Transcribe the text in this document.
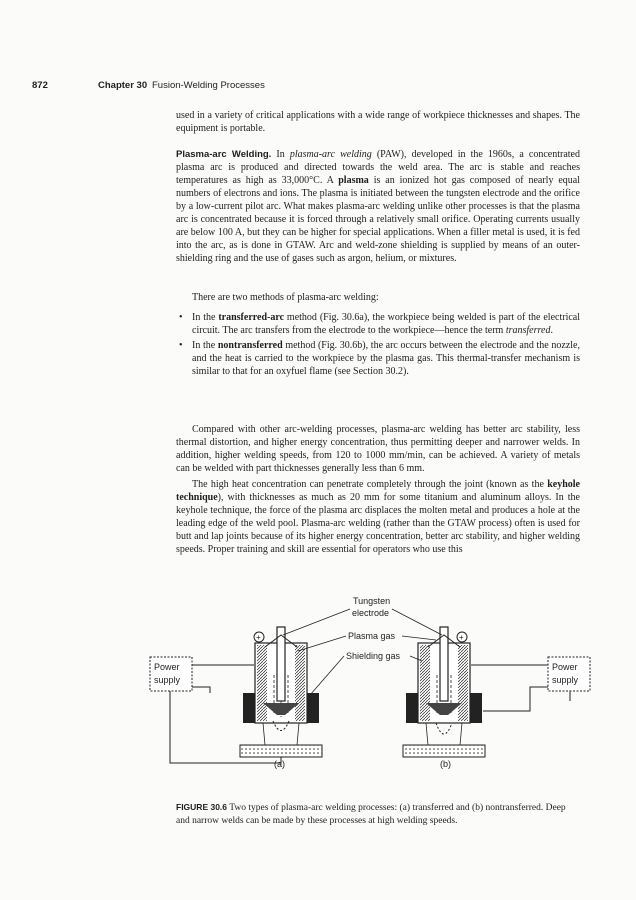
872	Chapter 30 Fusion-Welding Processes

used in a variety of critical applications with a wide range of workpiece thicknesses and shapes. The equipment is portable.

Plasma-arc Welding. In plasma-arc welding (PAW), developed in the 1960s, a concentrated plasma arc is produced and directed towards the weld area. The arc is stable and reaches temperatures as high as 33,000°C. A plasma is an ionized hot gas composed of nearly equal numbers of electrons and ions. The plasma is initiated between the tungsten electrode and the orifice by a low-current pilot arc. What makes plasma-arc welding unlike other processes is that the plasma arc is concentrated because it is forced through a relatively small orifice. Operating currents usually are below 100 A, but they can be higher for special applications. When a filler metal is used, it is fed into the arc, as is done in GTAW. Arc and weld-zone shielding is supplied by means of an outer-shielding ring and the use of gases such as argon, helium, or mixtures.

There are two methods of plasma-arc welding:

• In the transferred-arc method (Fig. 30.6a), the workpiece being welded is part of the electrical circuit. The arc transfers from the electrode to the workpiece—hence the term transferred.
• In the nontransferred method (Fig. 30.6b), the arc occurs between the electrode and the nozzle, and the heat is carried to the workpiece by the plasma gas. This thermal-transfer mechanism is similar to that for an oxyfuel flame (see Section 30.2).

Compared with other arc-welding processes, plasma-arc welding has better arc stability, less thermal distortion, and higher energy concentration, thus permitting deeper and narrower welds. In addition, higher welding speeds, from 120 to 1000 mm/min, can be achieved. A variety of metals can be welded with part thicknesses generally less than 6 mm.

The high heat concentration can penetrate completely through the joint (known as the keyhole technique), with thicknesses as much as 20 mm for some titanium and aluminum alloys. In the keyhole technique, the force of the plasma arc displaces the molten metal and produces a hole at the leading edge of the weld pool. Plasma-arc welding (rather than the GTAW process) often is used for butt and lap joints because of its higher energy concentration, better arc stability, and higher welding speeds. Proper training and skill are essential for operators who use this

+	+
Power
supply
Power
supply
Tungsten
electrode
Plasma gas
Shielding gas
(a)	(b)

FIGURE 30.6 Two types of plasma-arc welding processes: (a) transferred and (b) nontransferred. Deep and narrow welds can be made by these processes at high welding speeds.
